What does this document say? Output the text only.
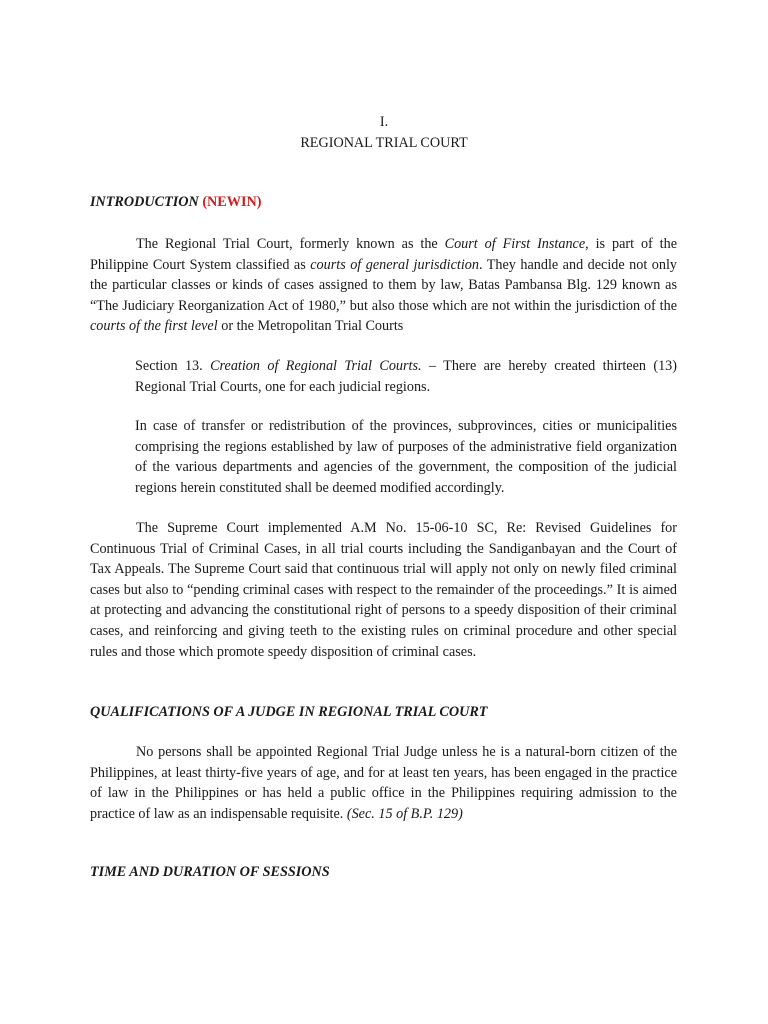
I.
REGIONAL TRIAL COURT
INTRODUCTION (NEWIN)

The Regional Trial Court, formerly known as the Court of First Instance, is part of the Philippine Court System classified as courts of general jurisdiction. They handle and decide not only the particular classes or kinds of cases assigned to them by law, Batas Pambansa Blg. 129 known as “The Judiciary Reorganization Act of 1980,” but also those which are not within the jurisdiction of the courts of the first level or the Metropolitan Trial Courts

Section 13. Creation of Regional Trial Courts. – There are hereby created thirteen (13) Regional Trial Courts, one for each judicial regions.

In case of transfer or redistribution of the provinces, subprovinces, cities or municipalities comprising the regions established by law of purposes of the administrative field organization of the various departments and agencies of the government, the composition of the judicial regions herein constituted shall be deemed modified accordingly.

The Supreme Court implemented A.M No. 15-06-10 SC, Re: Revised Guidelines for Continuous Trial of Criminal Cases, in all trial courts including the Sandiganbayan and the Court of Tax Appeals. The Supreme Court said that continuous trial will apply not only on newly filed criminal cases but also to “pending criminal cases with respect to the remainder of the proceedings.” It is aimed at protecting and advancing the constitutional right of persons to a speedy disposition of their criminal cases, and reinforcing and giving teeth to the existing rules on criminal procedure and other special rules and those which promote speedy disposition of criminal cases.

QUALIFICATIONS OF A JUDGE IN REGIONAL TRIAL COURT

No persons shall be appointed Regional Trial Judge unless he is a natural-born citizen of the Philippines, at least thirty-five years of age, and for at least ten years, has been engaged in the practice of law in the Philippines or has held a public office in the Philippines requiring admission to the practice of law as an indispensable requisite. (Sec. 15 of B.P. 129)

TIME AND DURATION OF SESSIONS
